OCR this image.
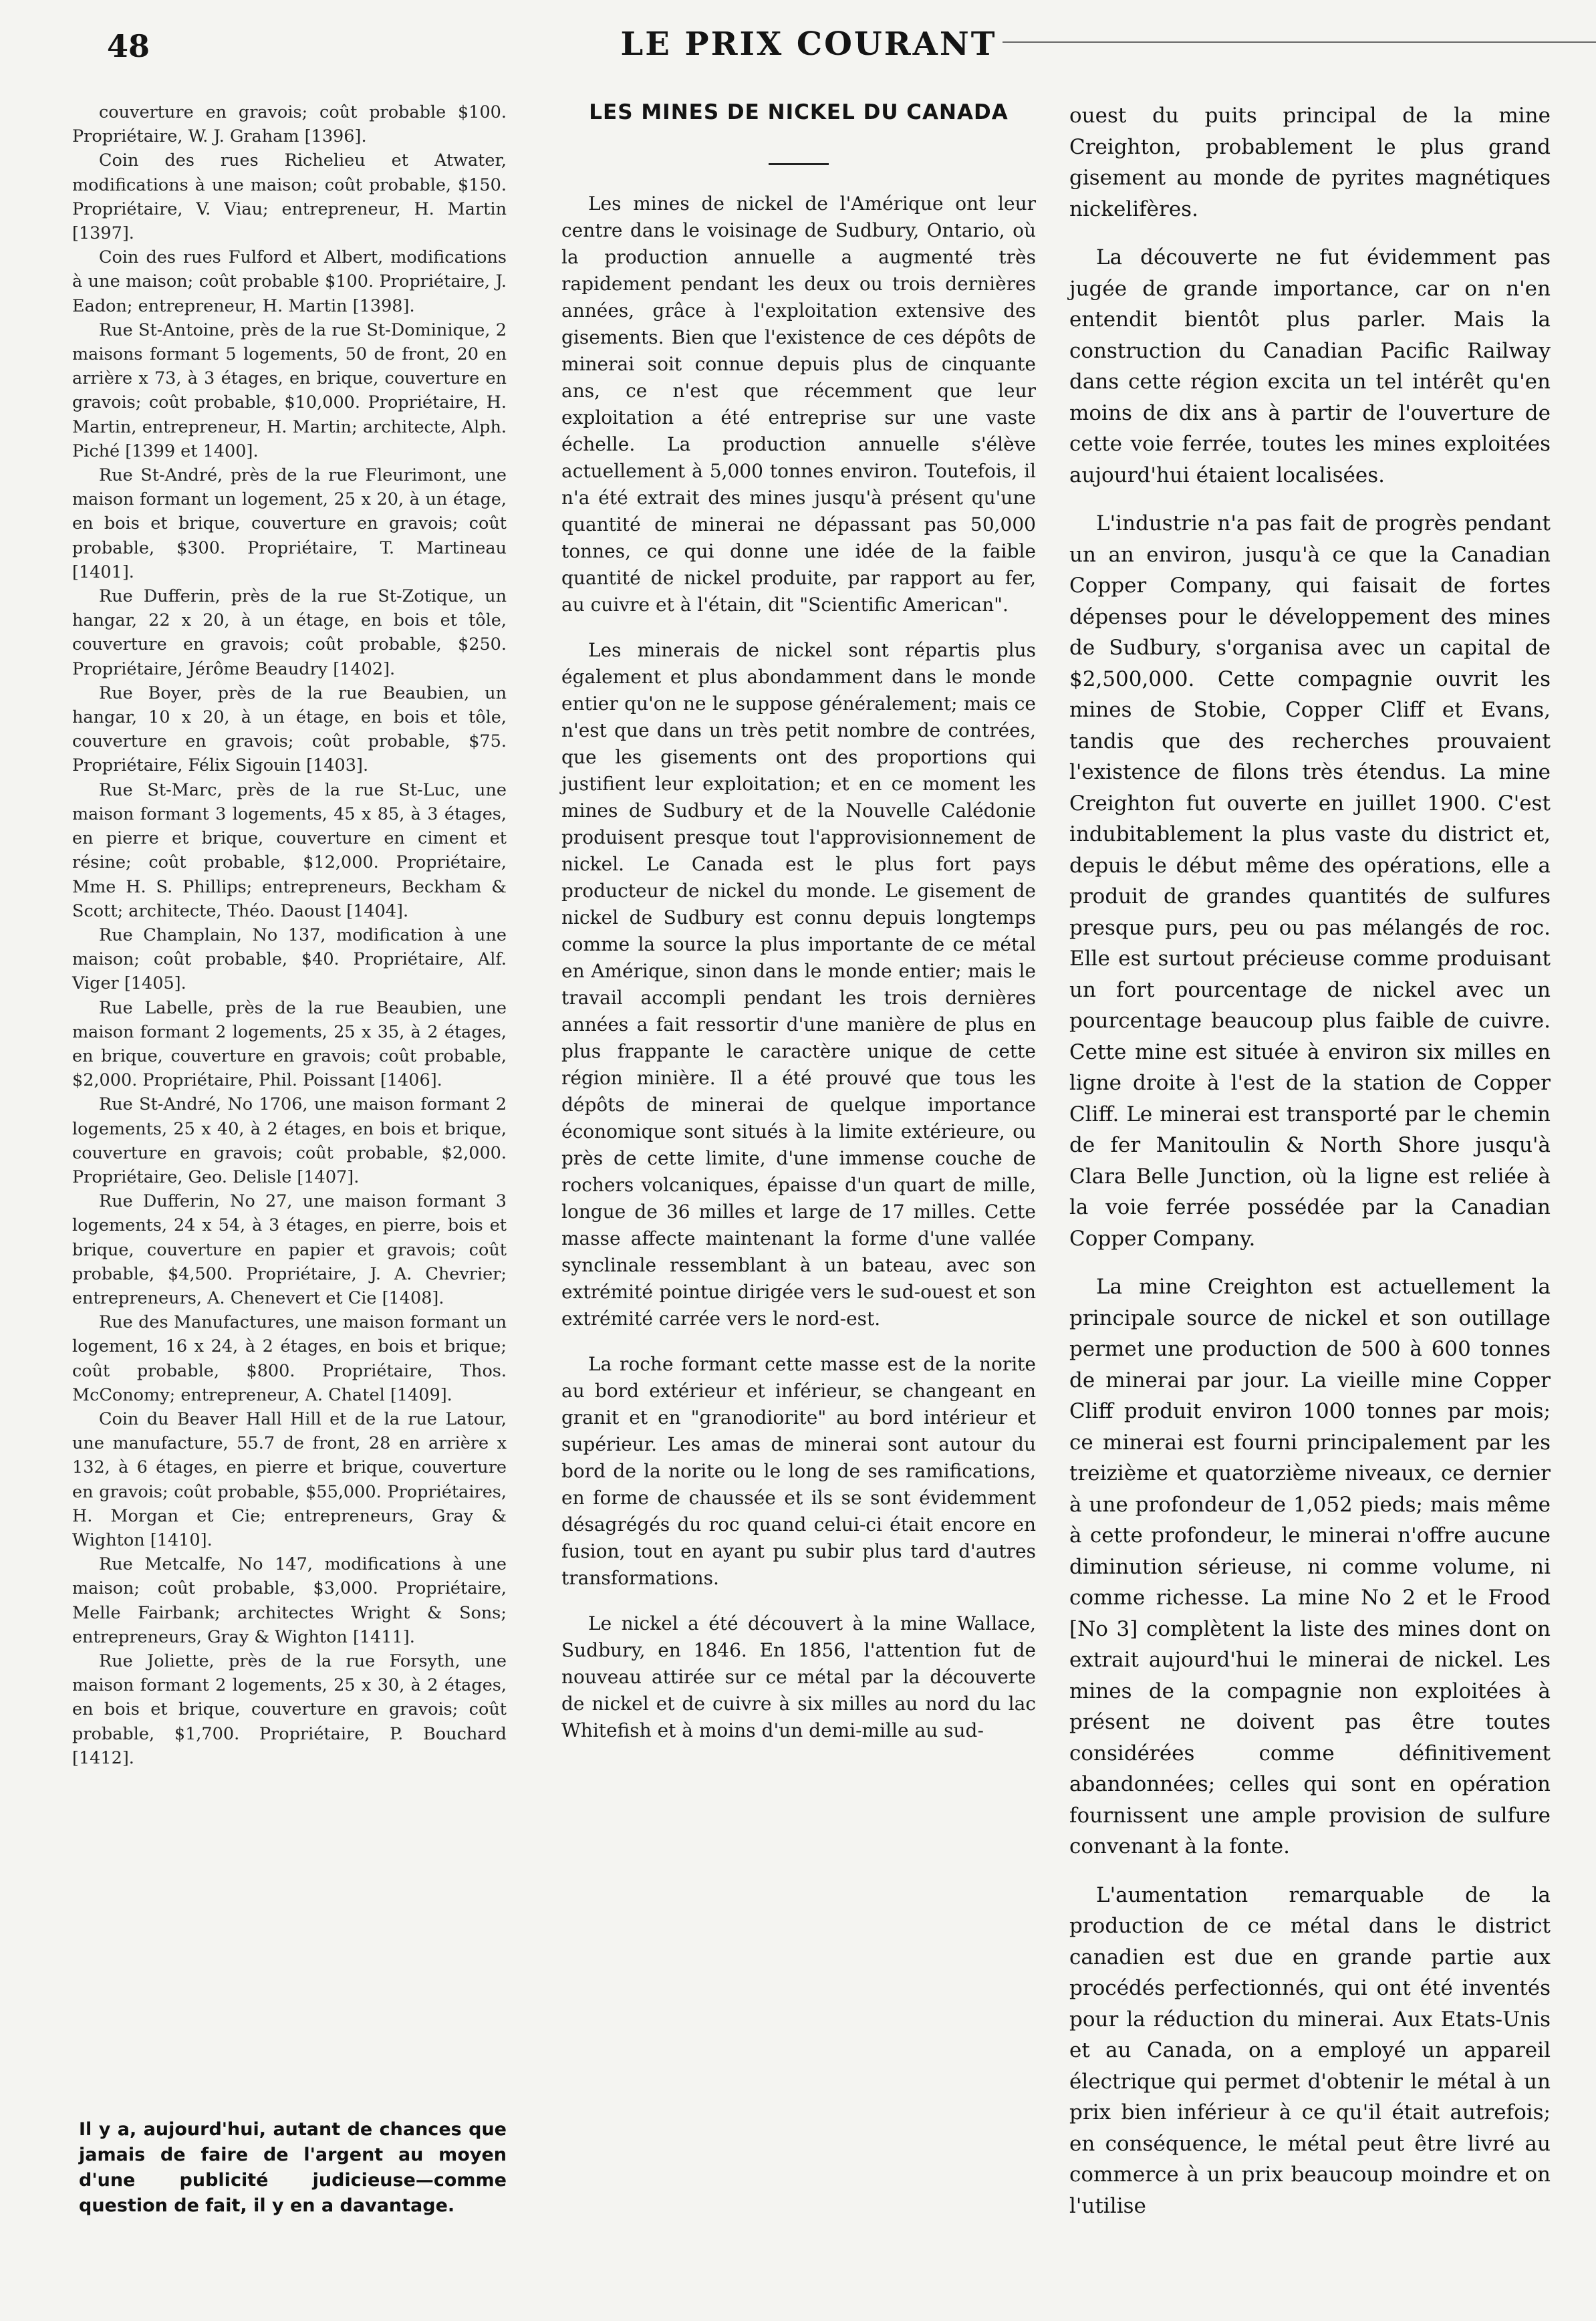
48	LE PRIX COURANT

couverture en gravois; coût probable $100. Propriétaire, W. J. Graham [1396].

Coin des rues Richelieu et Atwater, modifications à une maison; coût probable, $150. Propriétaire, V. Viau; entrepreneur, H. Martin [1397].

Coin des rues Fulford et Albert, modifications à une maison; coût probable $100. Propriétaire, J. Eadon; entrepreneur, H. Martin [1398].

Rue St-Antoine, près de la rue St-Dominique, 2 maisons formant 5 logements, 50 de front, 20 en arrière x 73, à 3 étages, en brique, couverture en gravois; coût probable, $10,000. Propriétaire, H. Martin, entrepreneur, H. Martin; architecte, Alph. Piché [1399 et 1400].

Rue St-André, près de la rue Fleurimont, une maison formant un logement, 25 x 20, à un étage, en bois et brique, couverture en gravois; coût probable, $300. Propriétaire, T. Martineau [1401].

Rue Dufferin, près de la rue St-Zotique, un hangar, 22 x 20, à un étage, en bois et tôle, couverture en gravois; coût probable, $250. Propriétaire, Jérôme Beaudry [1402].

Rue Boyer, près de la rue Beaubien, un hangar, 10 x 20, à un étage, en bois et tôle, couverture en gravois; coût probable, $75. Propriétaire, Félix Sigouin [1403].

Rue St-Marc, près de la rue St-Luc, une maison formant 3 logements, 45 x 85, à 3 étages, en pierre et brique, couverture en ciment et résine; coût probable, $12,000. Propriétaire, Mme H. S. Phillips; entrepreneurs, Beckham & Scott; architecte, Théo. Daoust [1404].

Rue Champlain, No 137, modification à une maison; coût probable, $40. Propriétaire, Alf. Viger [1405].

Rue Labelle, près de la rue Beaubien, une maison formant 2 logements, 25 x 35, à 2 étages, en brique, couverture en gravois; coût probable, $2,000. Propriétaire, Phil. Poissant [1406].

Rue St-André, No 1706, une maison formant 2 logements, 25 x 40, à 2 étages, en bois et brique, couverture en gravois; coût probable, $2,000. Propriétaire, Geo. Delisle [1407].

Rue Dufferin, No 27, une maison formant 3 logements, 24 x 54, à 3 étages, en pierre, bois et brique, couverture en papier et gravois; coût probable, $4,500. Propriétaire, J. A. Chevrier; entrepreneurs, A. Chenevert et Cie [1408].

Rue des Manufactures, une maison formant un logement, 16 x 24, à 2 étages, en bois et brique; coût probable, $800. Propriétaire, Thos. McConomy; entrepreneur, A. Chatel [1409].

Coin du Beaver Hall Hill et de la rue Latour, une manufacture, 55.7 de front, 28 en arrière x 132, à 6 étages, en pierre et brique, couverture en gravois; coût probable, $55,000. Propriétaires, H. Morgan et Cie; entrepreneurs, Gray & Wighton [1410].

Rue Metcalfe, No 147, modifications à une maison; coût probable, $3,000. Propriétaire, Melle Fairbank; architectes Wright & Sons; entrepreneurs, Gray & Wighton [1411].

Rue Joliette, près de la rue Forsyth, une maison formant 2 logements, 25 x 30, à 2 étages, en bois et brique, couverture en gravois; coût probable, $1,700. Propriétaire, P. Bouchard [1412].

Il y a, aujourd'hui, autant de chances que jamais de faire de l'argent au moyen d'une publicité judicieuse—comme question de fait, il y en a davantage.

LES MINES DE NICKEL DU CANADA

Les mines de nickel de l'Amérique ont leur centre dans le voisinage de Sudbury, Ontario, où la production annuelle a augmenté très rapidement pendant les deux ou trois dernières années, grâce à l'exploitation extensive des gisements. Bien que l'existence de ces dépôts de minerai soit connue depuis plus de cinquante ans, ce n'est que récemment que leur exploitation a été entreprise sur une vaste échelle. La production annuelle s'élève actuellement à 5,000 tonnes environ. Toutefois, il n'a été extrait des mines jusqu'à présent qu'une quantité de minerai ne dépassant pas 50,000 tonnes, ce qui donne une idée de la faible quantité de nickel produite, par rapport au fer, au cuivre et à l'étain, dit "Scientific American".

Les minerais de nickel sont répartis plus également et plus abondamment dans le monde entier qu'on ne le suppose généralement; mais ce n'est que dans un très petit nombre de contrées, que les gisements ont des proportions qui justifient leur exploitation; et en ce moment les mines de Sudbury et de la Nouvelle Calédonie produisent presque tout l'approvisionnement de nickel. Le Canada est le plus fort pays producteur de nickel du monde. Le gisement de nickel de Sudbury est connu depuis longtemps comme la source la plus importante de ce métal en Amérique, sinon dans le monde entier; mais le travail accompli pendant les trois dernières années a fait ressortir d'une manière de plus en plus frappante le caractère unique de cette région minière. Il a été prouvé que tous les dépôts de minerai de quelque importance économique sont situés à la limite extérieure, ou près de cette limite, d'une immense couche de rochers volcaniques, épaisse d'un quart de mille, longue de 36 milles et large de 17 milles. Cette masse affecte maintenant la forme d'une vallée synclinale ressemblant à un bateau, avec son extrémité pointue dirigée vers le sud-ouest et son extrémité carrée vers le nord-est.

La roche formant cette masse est de la norite au bord extérieur et inférieur, se changeant en granit et en "granodiorite" au bord intérieur et supérieur. Les amas de minerai sont autour du bord de la norite ou le long de ses ramifications, en forme de chaussée et ils se sont évidemment désagrégés du roc quand celui-ci était encore en fusion, tout en ayant pu subir plus tard d'autres transformations.

Le nickel a été découvert à la mine Wallace, Sudbury, en 1846. En 1856, l'attention fut de nouveau attirée sur ce métal par la découverte de nickel et de cuivre à six milles au nord du lac Whitefish et à moins d'un demi-mille au sud-

ouest du puits principal de la mine Creighton, probablement le plus grand gisement au monde de pyrites magnétiques nickelifères.

La découverte ne fut évidemment pas jugée de grande importance, car on n'en entendit bientôt plus parler. Mais la construction du Canadian Pacific Railway dans cette région excita un tel intérêt qu'en moins de dix ans à partir de l'ouverture de cette voie ferrée, toutes les mines exploitées aujourd'hui étaient localisées.

L'industrie n'a pas fait de progrès pendant un an environ, jusqu'à ce que la Canadian Copper Company, qui faisait de fortes dépenses pour le développement des mines de Sudbury, s'organisa avec un capital de $2,500,000. Cette compagnie ouvrit les mines de Stobie, Copper Cliff et Evans, tandis que des recherches prouvaient l'existence de filons très étendus. La mine Creighton fut ouverte en juillet 1900. C'est indubitablement la plus vaste du district et, depuis le début même des opérations, elle a produit de grandes quantités de sulfures presque purs, peu ou pas mélangés de roc. Elle est surtout précieuse comme produisant un fort pourcentage de nickel avec un pourcentage beaucoup plus faible de cuivre. Cette mine est située à environ six milles en ligne droite à l'est de la station de Copper Cliff. Le minerai est transporté par le chemin de fer Manitoulin & North Shore jusqu'à Clara Belle Junction, où la ligne est reliée à la voie ferrée possédée par la Canadian Copper Company.

La mine Creighton est actuellement la principale source de nickel et son outillage permet une production de 500 à 600 tonnes de minerai par jour. La vieille mine Copper Cliff produit environ 1000 tonnes par mois; ce minerai est fourni principalement par les treizième et quatorzième niveaux, ce dernier à une profondeur de 1,052 pieds; mais même à cette profondeur, le minerai n'offre aucune diminution sérieuse, ni comme volume, ni comme richesse. La mine No 2 et le Frood [No 3] complètent la liste des mines dont on extrait aujourd'hui le minerai de nickel. Les mines de la compagnie non exploitées à présent ne doivent pas être toutes considérées comme définitivement abandonnées; celles qui sont en opération fournissent une ample provision de sulfure convenant à la fonte.

L'aumentation remarquable de la production de ce métal dans le district canadien est due en grande partie aux procédés perfectionnés, qui ont été inventés pour la réduction du minerai. Aux Etats-Unis et au Canada, on a employé un appareil électrique qui permet d'obtenir le métal à un prix bien inférieur à ce qu'il était autrefois; en conséquence, le métal peut être livré au commerce à un prix beaucoup moindre et on l'utilise
